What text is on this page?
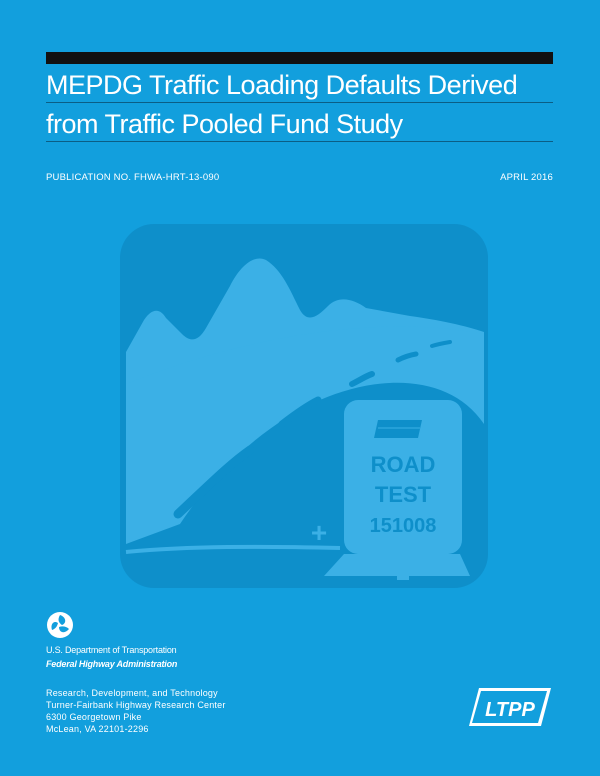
MEPDG Traffic Loading Defaults Derived
from Traffic Pooled Fund Study
PUBLICATION NO. FHWA-HRT-13-090	APRIL 2016
+
ROAD
TEST
151008
U.S. Department of Transportation
Federal Highway Administration
Research, Development, and Technology
Turner-Fairbank Highway Research Center
6300 Georgetown Pike
McLean, VA 22101-2296
LTPP
